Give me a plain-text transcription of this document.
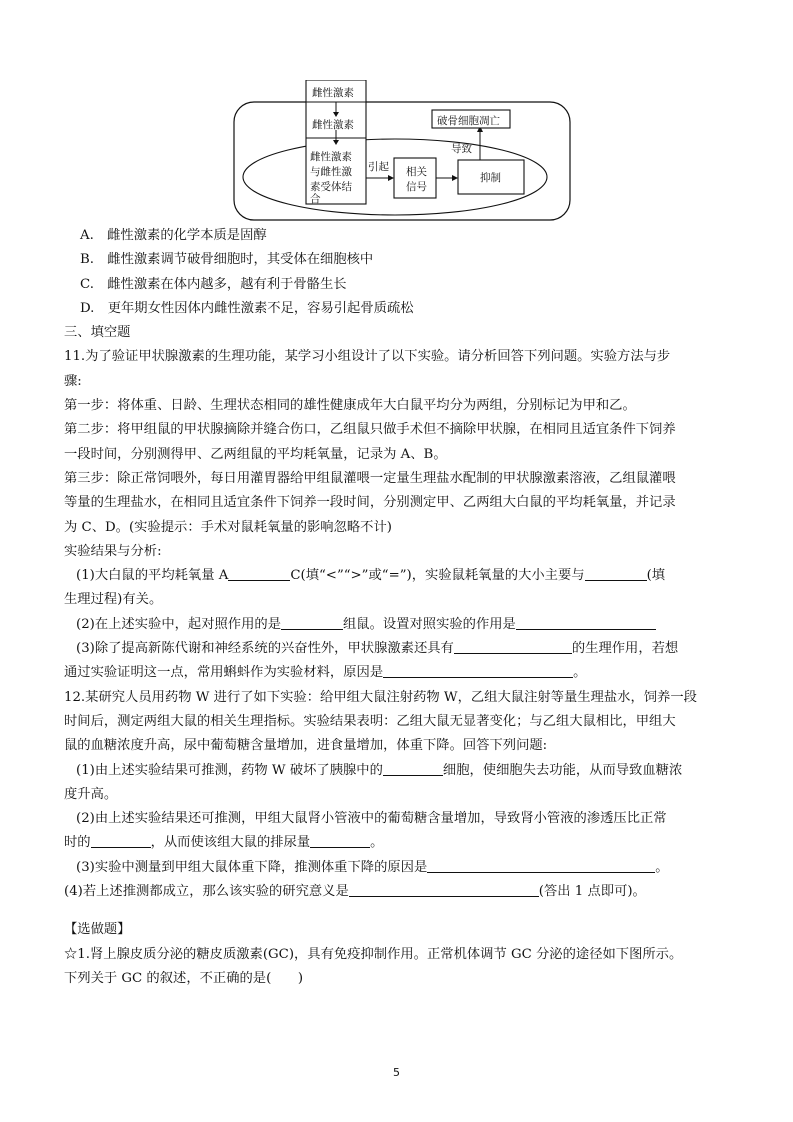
雌性激素
雌性激素
雌性激素
与雌性激
素受体结
合
引起 相关
信号
抑制
导致
破骨细胞凋亡
A.　雌性激素的化学本质是固醇
B.　雌性激素调节破骨细胞时，其受体在细胞核中
C.　雌性激素在体内越多，越有利于骨骼生长
D.　更年期女性因体内雌性激素不足，容易引起骨质疏松
三、填空题
11.为了验证甲状腺激素的生理功能，某学习小组设计了以下实验。请分析回答下列问题。实验方法与步
骤:
第一步：将体重、日龄、生理状态相同的雄性健康成年大白鼠平均分为两组，分别标记为甲和乙。
第二步：将甲组鼠的甲状腺摘除并缝合伤口，乙组鼠只做手术但不摘除甲状腺，在相同且适宜条件下饲养
一段时间，分别测得甲、乙两组鼠的平均耗氧量，记录为 A、B。
第三步：除正常饲喂外，每日用灌胃器给甲组鼠灌喂一定量生理盐水配制的甲状腺激素溶液，乙组鼠灌喂
等量的生理盐水，在相同且适宜条件下饲养一段时间，分别测定甲、乙两组大白鼠的平均耗氧量，并记录
为 C、D。(实验提示：手术对鼠耗氧量的影响忽略不计)
实验结果与分析:
(1)大白鼠的平均耗氧量 A	C(填“<”“>”或“=”)，实验鼠耗氧量的大小主要与	(填
生理过程)有关。
(2)在上述实验中，起对照作用的是	组鼠。设置对照实验的作用是
(3)除了提高新陈代谢和神经系统的兴奋性外，甲状腺激素还具有	的生理作用，若想
通过实验证明这一点，常用蝌蚪作为实验材料，原因是	。
12.某研究人员用药物 W 进行了如下实验：给甲组大鼠注射药物 W，乙组大鼠注射等量生理盐水，饲养一段
时间后，测定两组大鼠的相关生理指标。实验结果表明：乙组大鼠无显著变化；与乙组大鼠相比，甲组大
鼠的血糖浓度升高，尿中葡萄糖含量增加，进食量增加，体重下降。回答下列问题:
(1)由上述实验结果可推测，药物 W 破坏了胰腺中的	细胞，使细胞失去功能，从而导致血糖浓
度升高。
(2)由上述实验结果还可推测，甲组大鼠肾小管液中的葡萄糖含量增加，导致肾小管液的渗透压比正常
时的	，从而使该组大鼠的排尿量	。
(3)实验中测量到甲组大鼠体重下降，推测体重下降的原因是	。
(4)若上述推测都成立，那么该实验的研究意义是	(答出 1 点即可)。
【选做题】
☆1.肾上腺皮质分泌的糖皮质激素(GC)，具有免疫抑制作用。正常机体调节 GC 分泌的途径如下图所示。
下列关于 GC 的叙述，不正确的是(　　)
5
